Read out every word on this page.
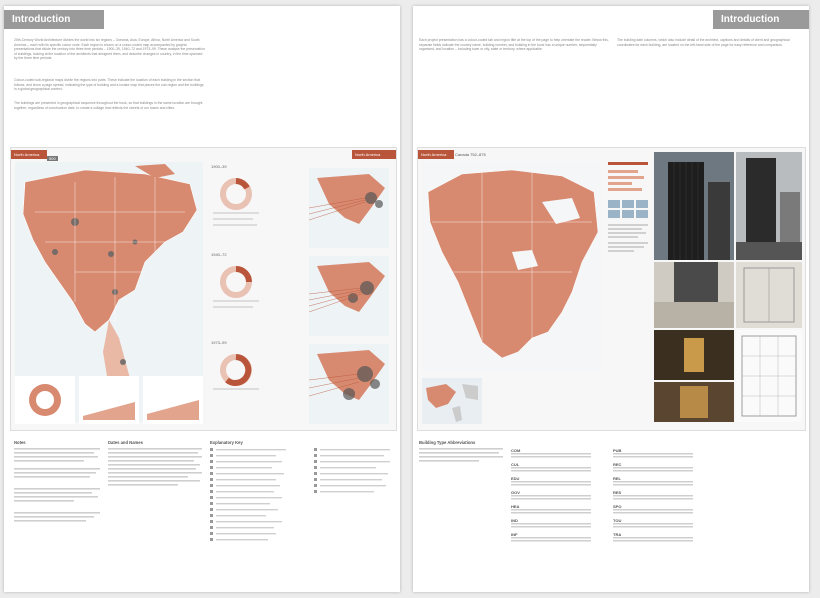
Introduction
20th-Century World Architecture divides the world into six regions – Oceania, Asia, Europe, Africa, North America and South America – each with its specific colour code. Each region is shown on a colour-coded map accompanied by graphic presentations that divide the century into three time periods – 1900–39, 1940–72 and 1973–99. These analyse the preservation of buildings, looking at the location of the architects that designed them, and describe changes in country, in the time spanned by the three time periods.
Colour-coded sub-regional maps divide the regions into parts. These indicate the location of each building in the section that follows, and show a page spread, indicating the type of building and a locator map that places the sub-region and the buildings in a global geographical context.
The buildings are presented in geographical sequence throughout the book, so that buildings in the same location are brought together, regardless of construction date, to create a collage that reflects the streets of our towns and cities.
North America	North America
500
1900–39
1940–72
1973–99
Notes	Dates and Names	Explanatory Key
Introduction
Each project presentation has a colour-coded tab and region title at the top of the page to help orientate the reader. Below this, separate fields indicate the country name, building number, and building in the book has a unique number, sequentially organised, and location – including town or city, state or territory, where applicable.
The building date columns, which also include detail of the architect, captions and details of client and geographical coordinates for each building, are located on the left-hand side of the page for easy reference and comparison.
North America	Canada 752–875
Building Type Abbreviations
COM
CUL
EDU
GOV
HEA
IND
INF
PUB
REC
REL
RES
SPO
TOU
TRA
